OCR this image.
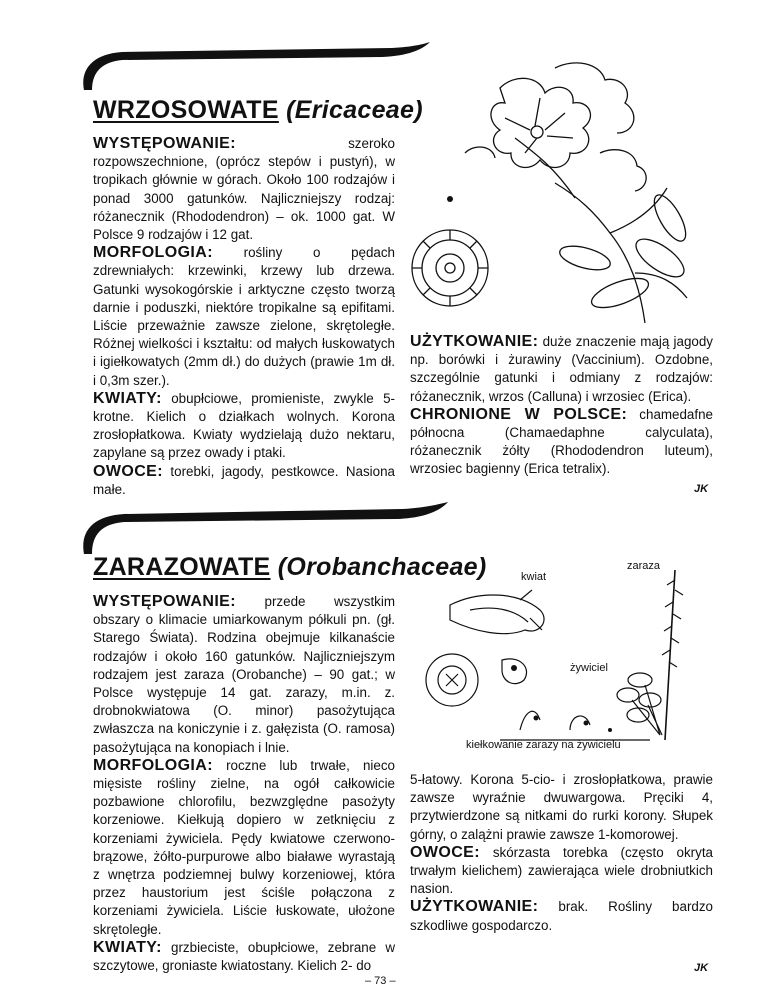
WRZOSOWATE (Ericaceae)
WYSTĘPOWANIE: szeroko rozpowszechnione, (oprócz stepów i pustyń), w tropikach głównie w górach. Około 100 rodzajów i ponad 3000 gatunków. Najliczniejszy rodzaj: różanecznik (Rhododendron) – ok. 1000 gat. W Polsce 9 rodzajów i 12 gat.
MORFOLOGIA: rośliny o pędach zdrewniałych: krzewinki, krzewy lub drzewa. Gatunki wysokogórskie i arktyczne często tworzą darnie i poduszki, niektóre tropikalne są epifitami. Liście przeważnie zawsze zielone, skrętoległe. Różnej wielkości i kształtu: od małych łuskowatych i igiełkowatych (2mm dł.) do dużych (prawie 1m dł. i 0,3m szer.).
KWIATY: obupłciowe, promieniste, zwykle 5-krotne. Kielich o działkach wolnych. Korona zrosłopłatkowa. Kwiaty wydzielają dużo nektaru, zapylane są przez owady i ptaki.
OWOCE: torebki, jagody, pestkowce. Nasiona małe.
UŻYTKOWANIE: duże znaczenie mają jagody np. borówki i żurawiny (Vaccinium). Ozdobne, szczególnie gatunki i odmiany z rodzajów: różanecznik, wrzos (Calluna) i wrzosiec (Erica).
CHRONIONE W POLSCE: chamedafne północna (Chamaedaphne calyculata), różanecznik żółty (Rhododendron luteum), wrzosiec bagienny (Erica tetralix).
JK
ZARAZOWATE (Orobanchaceae)
WYSTĘPOWANIE: przede wszystkim obszary o klimacie umiarkowanym półkuli pn. (gł. Starego Świata). Rodzina obejmuje kilkanaście rodzajów i około 160 gatunków. Najliczniejszym rodzajem jest zaraza (Orobanche) – 90 gat.; w Polsce występuje 14 gat. zarazy, m.in. z. drobnokwiatowa (O. minor) pasożytująca zwłaszcza na koniczynie i z. gałęzista (O. ramosa) pasożytująca na konopiach i lnie.
MORFOLOGIA: roczne lub trwałe, nieco mięsiste rośliny zielne, na ogół całkowicie pozbawione chlorofilu, bezwzględne pasożyty korzeniowe. Kiełkują dopiero w zetknięciu z korzeniami żywiciela. Pędy kwiatowe czerwono-brązowe, żółto-purpurowe albo białawe wyrastają z wnętrza podziemnej bulwy korzeniowej, która przez haustorium jest ściśle połączona z korzeniami żywiciela. Liście łuskowate, ułożone skrętoległe.
KWIATY: grzbieciste, obupłciowe, zebrane w szczytowe, groniaste kwiatostany. Kielich 2- do
kwiat
zaraza
żywiciel
kiełkowanie zarazy na żywicielu
5-łatowy. Korona 5-cio- i zrosłopłatkowa, prawie zawsze wyraźnie dwuwargowa. Pręciki 4, przytwierdzone są nitkami do rurki korony. Słupek górny, o zalążni prawie zawsze 1-komorowej.
OWOCE: skórzasta torebka (często okryta trwałym kielichem) zawierająca wiele drobniutkich nasion.
UŻYTKOWANIE: brak. Rośliny bardzo szkodliwe gospodarczo.
JK
– 73 –
